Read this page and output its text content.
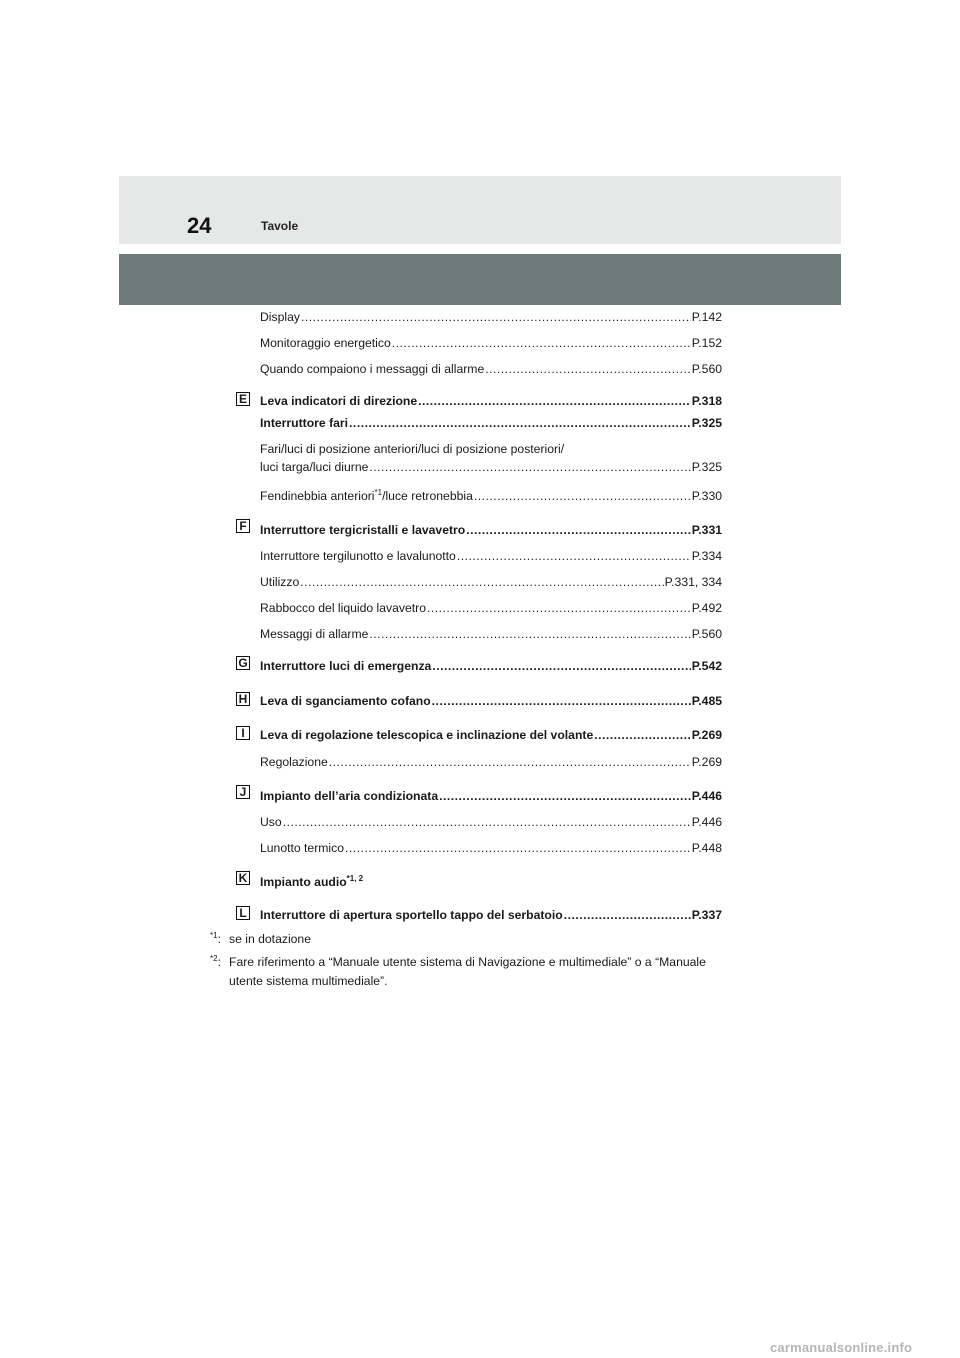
24	Tavole
Display .....	P.142
Monitoraggio energetico .....	P.152
Quando compaiono i messaggi di allarme .....	P.560
E Leva indicatori di direzione .....	P.318
Interruttore fari .....	P.325
Fari/luci di posizione anteriori/luci di posizione posteriori/
luci targa/luci diurne .....	P.325
Fendinebbia anteriori$^{*1}$/luce retronebbia .....	P.330
F Interruttore tergicristalli e lavavetro .....	P.331
Interruttore tergilunotto e lavalunotto .....	P.334
Utilizzo .....	P.331, 334
Rabbocco del liquido lavavetro .....	P.492
Messaggi di allarme .....	P.560
G Interruttore luci di emergenza .....	P.542
H Leva di sganciamento cofano .....	P.485
I	Leva di regolazione telescopica e inclinazione del volante .....	P.269
Regolazione .....	P.269
J Impianto dell’aria condizionata .....	P.446
Uso .....	P.446
Lunotto termico .....	P.448
K Impianto audio$^{*1, 2}$
L Interruttore di apertura sportello tappo del serbatoio .....	P.337
$^{*1}$: se in dotazione
$^{*2}$: Fare riferimento a “Manuale utente sistema di Navigazione e multimediale” o a “Manuale
utente sistema multimediale”.
carmanualsonline.info
